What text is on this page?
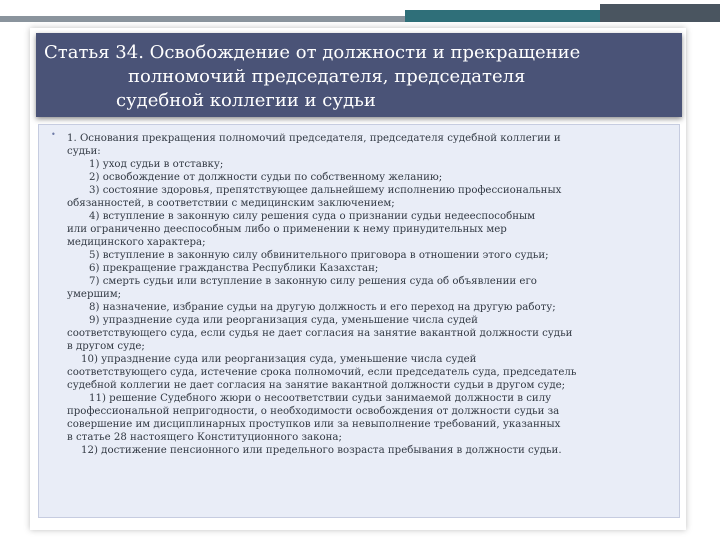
Статья 34. Освобождение от должности и прекращение
полномочий председателя, председателя
судебной коллегии и судьи
• 1. Основания прекращения полномочий председателя, председателя судебной коллегии и
судьи:
1) уход судьи в отставку;
2) освобождение от должности судьи по собственному желанию;
3) состояние здоровья, препятствующее дальнейшему исполнению профессиональных
обязанностей, в соответствии с медицинским заключением;
4) вступление в законную силу решения суда о признании судьи недееспособным
или ограниченно дееспособным либо о применении к нему принудительных мер
медицинского характера;
5) вступление в законную силу обвинительного приговора в отношении этого судьи;
6) прекращение гражданства Республики Казахстан;
7) смерть судьи или вступление в законную силу решения суда об объявлении его
умершим;
8) назначение, избрание судьи на другую должность и его переход на другую работу;
9) упразднение суда или реорганизация суда, уменьшение числа судей
соответствующего суда, если судья не дает согласия на занятие вакантной должности судьи
в другом суде;
10) упразднение суда или реорганизация суда, уменьшение числа судей
соответствующего суда, истечение срока полномочий, если председатель суда, председатель
судебной коллегии не дает согласия на занятие вакантной должности судьи в другом суде;
11) решение Судебного жюри о несоответствии судьи занимаемой должности в силу
профессиональной непригодности, о необходимости освобождения от должности судьи за
совершение им дисциплинарных проступков или за невыполнение требований, указанных
в статье 28 настоящего Конституционного закона;
12) достижение пенсионного или предельного возраста пребывания в должности судьи.
